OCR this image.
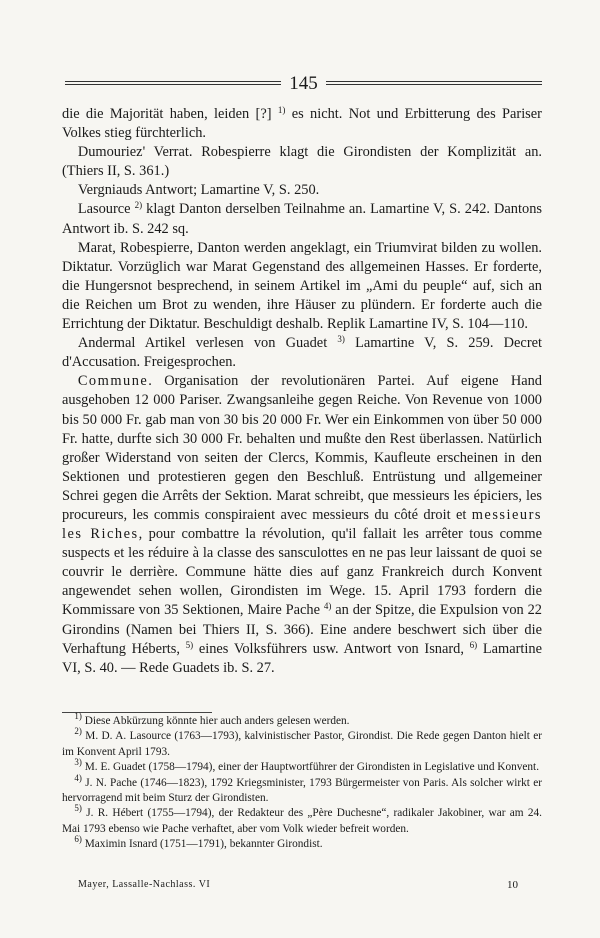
145

die die Majorität haben, leiden [?] $^{1)}$ es nicht. Not und Erbitterung des Pariser Volkes stieg fürchterlich.

Dumouriez' Verrat. Robespierre klagt die Girondisten der Komplizität an. (Thiers II, S. 361.)

Vergniauds Antwort; Lamartine V, S. 250.

Lasource $^{2)}$ klagt Danton derselben Teilnahme an. Lamartine V, S. 242. Dantons Antwort ib. S. 242 sq.

Marat, Robespierre, Danton werden angeklagt, ein Triumvirat bilden zu wollen. Diktatur. Vorzüglich war Marat Gegenstand des allgemeinen Hasses. Er forderte, die Hungersnot besprechend, in seinem Artikel im „Ami du peuple“ auf, sich an die Reichen um Brot zu wenden, ihre Häuser zu plündern. Er forderte auch die Errichtung der Diktatur. Beschuldigt deshalb. Replik Lamartine IV, S. 104—110.

Andermal Artikel verlesen von Guadet $^{3)}$ Lamartine V, S. 259. Decret d'Accusation. Freigesprochen.

Commune. Organisation der revolutionären Partei. Auf eigene Hand ausgehoben 12 000 Pariser. Zwangsanleihe gegen Reiche. Von Revenue von 1000 bis 50 000 Fr. gab man von 30 bis 20 000 Fr. Wer ein Einkommen von über 50 000 Fr. hatte, durfte sich 30 000 Fr. behalten und mußte den Rest überlassen. Natürlich großer Widerstand von seiten der Clercs, Kommis, Kaufleute erscheinen in den Sektionen und protestieren gegen den Beschluß. Entrüstung und allgemeiner Schrei gegen die Arrêts der Sektion. Marat schreibt, que messieurs les épiciers, les procureurs, les commis conspiraient avec messieurs du côté droit et messieurs les Riches, pour combattre la révolution, qu'il fallait les arrêter tous comme suspects et les réduire à la classe des sansculottes en ne pas leur laissant de quoi se couvrir le derrière. Commune hätte dies auf ganz Frankreich durch Konvent angewendet sehen wollen, Girondisten im Wege. 15. April 1793 fordern die Kommissare von 35 Sektionen, Maire Pache $^{4)}$ an der Spitze, die Expulsion von 22 Girondins (Namen bei Thiers II, S. 366). Eine andere beschwert sich über die Verhaftung Héberts, $^{5)}$ eines Volksführers usw. Antwort von Isnard, $^{6)}$ Lamartine VI, S. 40. — Rede Guadets ib. S. 27.

$^{1)}$ Diese Abkürzung könnte hier auch anders gelesen werden.

$^{2)}$ M. D. A. Lasource (1763—1793), kalvinistischer Pastor, Girondist. Die Rede gegen Danton hielt er im Konvent April 1793.

$^{3)}$ M. E. Guadet (1758—1794), einer der Hauptwortführer der Girondisten in Legislative und Konvent.

$^{4)}$ J. N. Pache (1746—1823), 1792 Kriegsminister, 1793 Bürgermeister von Paris. Als solcher wirkt er hervorragend mit beim Sturz der Girondisten.

$^{5)}$ J. R. Hébert (1755—1794), der Redakteur des „Père Duchesne“, radikaler Jakobiner, war am 24. Mai 1793 ebenso wie Pache verhaftet, aber vom Volk wieder befreit worden.

$^{6)}$ Maximin Isnard (1751—1791), bekannter Girondist.

Mayer, Lassalle-Nachlass. VI	10
